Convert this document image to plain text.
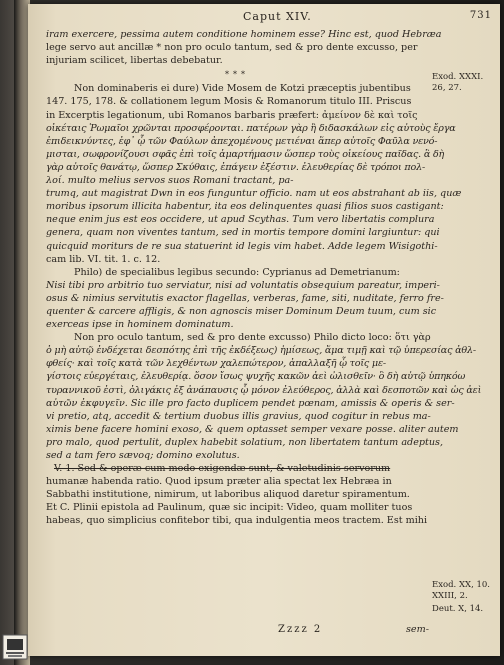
Caput XIV.	731
iram exercere, pessima autem conditione hominem esse? Hinc est, quod Hebræa
lege servo aut ancillæ * non pro oculo tantum, sed & pro dente excusso, per
injuriam scilicet, libertas debebatur.
***
Non dominaberis ei dure) Vide Mosem de Kotzi præceptis jubentibus
147. 175, 178. & collationem legum Mosis & Romanorum titulo III. Priscus
in Excerptis legationum, ubi Romanos barbaris præfert: ἀμείνον δὲ καὶ τοῖς
οἰκέταις Ῥωμαῖοι χρῶνται προσφέρονται. πατέρων γὰρ ἢ διδασκάλων εἰς αὐτοὺς ἔργα
ἐπιδεικνύντες, ἐφ᾽ ᾧ τῶν Φαύλων ἀπεχομένους μετιέναι ἅπερ αὐτοῖς Φαῦλα νενό-
μισται, σωφρονίζουσι σφᾶς ἐπὶ τοῖς ἁμαρτήμασιν ὥσπερ τοὺς οἰκείους παῖδας. ἃ δὴ
γὰρ αὐτοῖς θανάτῳ, ὥσπερ Σκύθαις, ἐπάγειν ἐξέστιν. ἐλευθερίας δὲ τρόποι πολ-
λοί. multo melius servos suos Romani tractant, pa-
trumq, aut magistrat Dwn in eos funguntur officio. nam ut eos abstrahant ab iis, quæ
moribus ipsorum illicita habentur, ita eos delinquentes quasi filios suos castigant:
neque enim jus est eos occidere, ut apud Scythas. Tum vero libertatis complura
genera, quam non viventes tantum, sed in mortis tempore domini largiuntur: qui
quicquid moriturs de re sua statuerint id legis vim habet. Adde legem Wisigothi-
cam lib. VI. tit. 1. c. 12.
Philo) de specialibus legibus secundo: Cyprianus ad Demetrianum:
Nisi tibi pro arbitrio tuo serviatur, nisi ad voluntatis obsequium pareatur, imperi-
osus & nimius servitutis exactor flagellas, verberas, fame, siti, nuditate, ferro fre-
quenter & carcere affligis, & non agnoscis miser Dominum Deum tuum, cum sic
exerceas ipse in hominem dominatum.
Non pro oculo tantum, sed & pro dente excusso) Philo dicto loco: ὅτι γὰρ
ὁ μὴ αὐτῷ ἐνδέχεται δεσπότης ἐπὶ τῆς ἐκδέξεως) ἡμίσεως, ἅμα τιμῇ καὶ τῷ ὑπερεσίας ἀθλ-
φθείς· καὶ τοῖς κατὰ τῶν λεχθέντων χαλεπώτερον, ἀπαλλαξῆ ᾧ τοῖς με-
γίστοις εὐεργέταις, ἐλευθερίᾳ. ὅσον ἴσως ψυχῆς κακῶν ἀεὶ ὠλισθεῖν· ὃ δὴ αὐτῷ ὑπηκόω
τυραννικοῦ ἐστὶ, ὀλιγάκις ἐξ ἀνάπαυσις ᾧ μόνον ἐλεύθερος, ἀλλὰ καὶ δεσποτῶν καὶ ὡς ἀεὶ
αὐτῶν ἐκφυγεῖν. Sic ille pro facto duplicem pendet pœnam, amissis & operis & ser-
vi pretio, atq, accedit & tertium duobus illis gravius, quod cogitur in rebus ma-
ximis bene facere homini exoso, & quem optasset semper vexare posse. aliter autem
pro malo, quod pertulit, duplex habebit solatium, non libertatem tantum adeptus,
sed a tam fero sævoq; domino exolutus.
V. 1. Sed & operæ cum modo exigendæ sunt, & valetudinis servorum
humanæ habenda ratio. Quod ipsum præter alia spectat lex Hebræa in
Sabbathi institutione, nimirum, ut laboribus aliquod daretur spiramentum.
Et C. Plinii epistola ad Paulinum, quæ sic incipit: Video, quam molliter tuos
habeas, quo simplicius confitebor tibi, qua indulgentia meos tractem. Est mihi
Exod. XXXI. 26, 27.
Exod. XX, 10. XXIII, 2.
Deut. X, 14.
Zzzz 2	sem-
